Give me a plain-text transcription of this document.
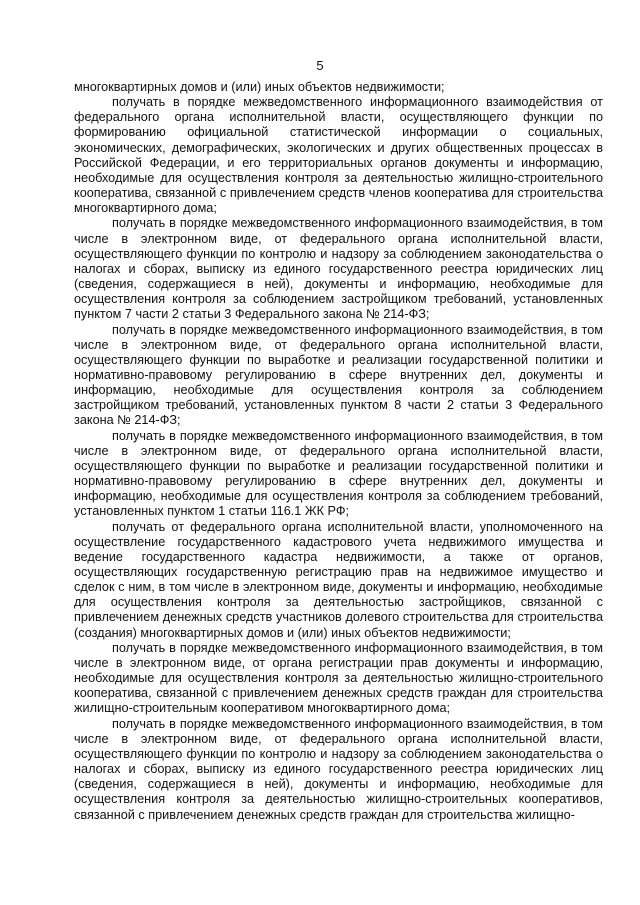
5

многоквартирных домов и (или) иных объектов недвижимости;

получать в порядке межведомственного информационного взаимодействия от федерального органа исполнительной власти, осуществляющего функции по формированию официальной статистической информации о социальных, экономических, демографических, экологических и других общественных процессах в Российской Федерации, и его территориальных органов документы и информацию, необходимые для осуществления контроля за деятельностью жилищно-строительного кооператива, связанной с привлечением средств членов кооператива для строительства многоквартирного дома;

получать в порядке межведомственного информационного взаимодействия, в том числе в электронном виде, от федерального органа исполнительной власти, осуществляющего функции по контролю и надзору за соблюдением законодательства о налогах и сборах, выписку из единого государственного реестра юридических лиц (сведения, содержащиеся в ней), документы и информацию, необходимые для осуществления контроля за соблюдением застройщиком требований, установленных пунктом 7 части 2 статьи 3 Федерального закона № 214-ФЗ;

получать в порядке межведомственного информационного взаимодействия, в том числе в электронном виде, от федерального органа исполнительной власти, осуществляющего функции по выработке и реализации государственной политики и нормативно-правовому регулированию в сфере внутренних дел, документы и информацию, необходимые для осуществления контроля за соблюдением застройщиком требований, установленных пунктом 8 части 2 статьи 3 Федерального закона № 214-ФЗ;

получать в порядке межведомственного информационного взаимодействия, в том числе в электронном виде, от федерального органа исполнительной власти, осуществляющего функции по выработке и реализации государственной политики и нормативно-правовому регулированию в сфере внутренних дел, документы и информацию, необходимые для осуществления контроля за соблюдением требований, установленных пунктом 1 статьи 116.1 ЖК РФ;

получать от федерального органа исполнительной власти, уполномоченного на осуществление государственного кадастрового учета недвижимого имущества и ведение государственного кадастра недвижимости, а также от органов, осуществляющих государственную регистрацию прав на недвижимое имущество и сделок с ним, в том числе в электронном виде, документы и информацию, необходимые для осуществления контроля за деятельностью застройщиков, связанной с привлечением денежных средств участников долевого строительства для строительства (создания) многоквартирных домов и (или) иных объектов недвижимости;

получать в порядке межведомственного информационного взаимодействия, в том числе в электронном виде, от органа регистрации прав документы и информацию, необходимые для осуществления контроля за деятельностью жилищно-строительного кооператива, связанной с привлечением денежных средств граждан для строительства жилищно-строительным кооперативом многоквартирного дома;

получать в порядке межведомственного информационного взаимодействия, в том числе в электронном виде, от федерального органа исполнительной власти, осуществляющего функции по контролю и надзору за соблюдением законодательства о налогах и сборах, выписку из единого государственного реестра юридических лиц (сведения, содержащиеся в ней), документы и информацию, необходимые для осуществления контроля за деятельностью жилищно-строительных кооперативов, связанной с привлечением денежных средств граждан для строительства жилищно-
